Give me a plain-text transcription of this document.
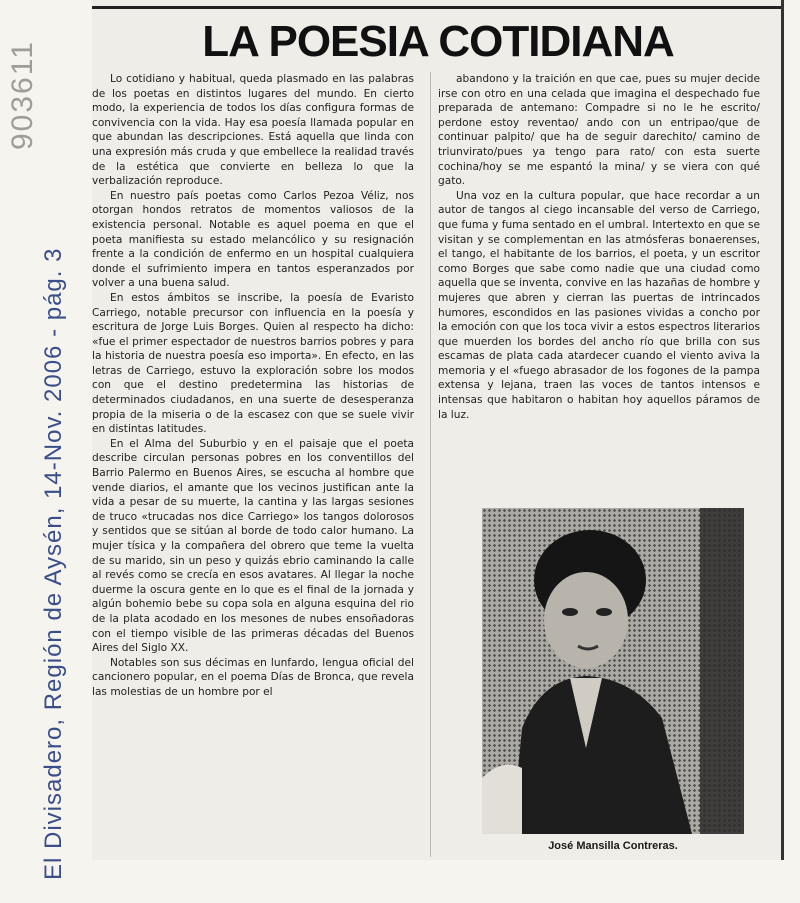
LA POESIA COTIDIANA

Lo cotidiano y habitual, queda plasmado en las palabras de los poetas en distintos lugares del mundo. En cierto modo, la experiencia de todos los días configura formas de convivencia con la vida. Hay esa poesía llamada popular en que abundan las descripciones. Está aquella que linda con una expresión más cruda y que embellece la realidad través de la estética que convierte en belleza lo que la verbalización reproduce.

En nuestro país poetas como Carlos Pezoa Véliz, nos otorgan hondos retratos de momentos valiosos de la existencia personal. Notable es aquel poema en que el poeta manifiesta su estado melancólico y su resignación frente a la condición de enfermo en un hospital cualquiera donde el sufrimiento impera en tantos esperanzados por volver a una buena salud.

En estos ámbitos se inscribe, la poesía de Evaristo Carriego, notable precursor con influencia en la poesía y escritura de Jorge Luis Borges. Quien al respecto ha dicho: «fue el primer espectador de nuestros barrios pobres y para la historia de nuestra poesía eso importa». En efecto, en las letras de Carriego, estuvo la exploración sobre los modos con que el destino predetermina las historias de determinados ciudadanos, en una suerte de desesperanza propia de la miseria o de la escasez con que se suele vivir en distintas latitudes.

En el Alma del Suburbio y en el paisaje que el poeta describe circulan personas pobres en los conventillos del Barrio Palermo en Buenos Aires, se escucha al hombre que vende diarios, el amante que los vecinos justifican ante la vida a pesar de su muerte, la cantina y las largas sesiones de truco «trucadas nos dice Carriego» los tangos dolorosos y sentidos que se sitúan al borde de todo calor humano. La mujer tísica y la compañera del obrero que teme la vuelta de su marido, sin un peso y quizás ebrio caminando la calle al revés como se crecía en esos avatares. Al llegar la noche duerme la oscura gente en lo que es el final de la jornada y algún bohemio bebe su copa sola en alguna esquina del rio de la plata acodado en los mesones de nubes ensoñadoras con el tiempo visible de las primeras décadas del Buenos Aires del Siglo XX.

Notables son sus décimas en lunfardo, lengua oficial del cancionero popular, en el poema Días de Bronca, que revela las molestias de un hombre por el

abandono y la traición en que cae, pues su mujer decide irse con otro en una celada que imagina el despechado fue preparada de antemano: Compadre si no le he escrito/ perdone estoy reventao/ ando con un entripao/que de continuar palpito/ que ha de seguir darechito/ camino de triunvirato/pues ya tengo para rato/ con esta suerte cochina/hoy se me espantó la mina/ y se viera con qué gato.

Una voz en la cultura popular, que hace recordar a un autor de tangos al ciego incansable del verso de Carriego, que fuma y fuma sentado en el umbral. Intertexto en que se visitan y se complementan en las atmósferas bonaerenses, el tango, el habitante de los barrios, el poeta, y un escritor como Borges que sabe como nadie que una ciudad como aquella que se inventa, convive en las hazañas de hombre y mujeres que abren y cierran las puertas de intrincados humores, escondidos en las pasiones vividas a concho por la emoción con que los toca vivir a estos espectros literarios que muerden los bordes del ancho río que brilla con sus escamas de plata cada atardecer cuando el viento aviva la memoria y el «fuego abrasador de los fogones de la pampa extensa y lejana, traen las voces de tantos intensos e intensas que habitaron o habitan hoy aquellos páramos de la luz.

José Mansilla Contreras.
El Divisadero, Región de Aysén, 14-Nov. 2006 - pág. 3
903611
